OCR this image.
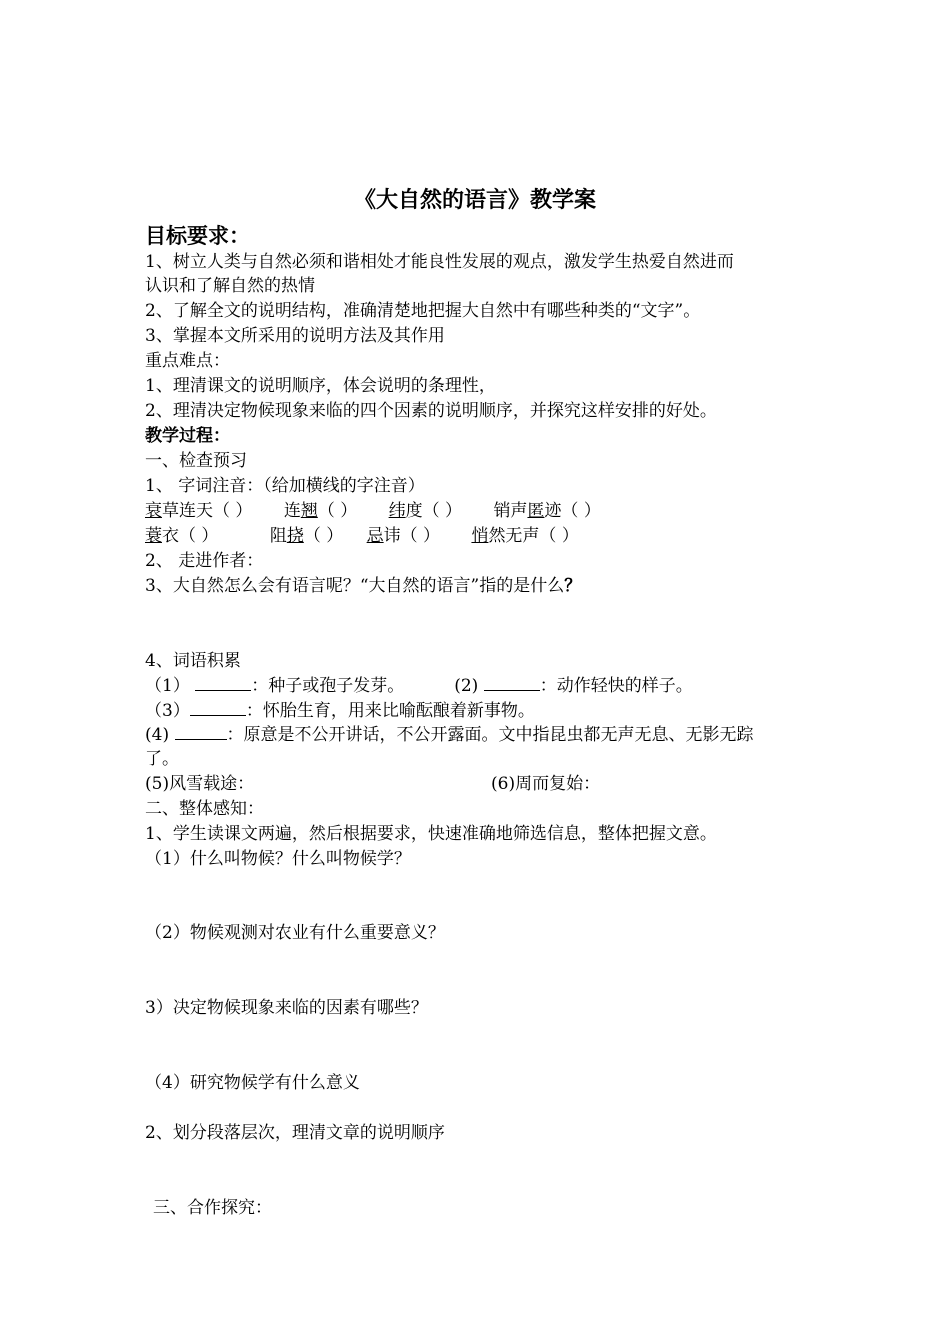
《大自然的语言》教学案
目标要求：
1、树立人类与自然必须和谐相处才能良性发展的观点，激发学生热爱自然进而
认识和了解自然的热情
2、了解全文的说明结构，准确清楚地把握大自然中有哪些种类的“文字”。
3、掌握本文所采用的说明方法及其作用
重点难点：
1、理清课文的说明顺序，体会说明的条理性，
2、理清决定物候现象来临的四个因素的说明顺序，并探究这样安排的好处。
教学过程：
一、检查预习
1、 字词注音：（给加横线的字注音）
衰草连天（ ） 连翘（ ） 纬度（ ） 销声匿迹（ ）
蓑衣（ ）	阻挠（ ） 忌讳（ ） 悄然无声（ ）
2、 走进作者：
3、大自然怎么会有语言呢？“大自然的语言”指的是什么？
4、词语积累
（1）	：种子或孢子发芽。	(2)	：动作轻快的样子。
（3）	：怀胎生育，用来比喻酝酿着新事物。
(4)	：原意是不公开讲话，不公开露面。文中指昆虫都无声无息、无影无踪
了。
(5)风雪载途：	(6)周而复始：
二、整体感知：
1、学生读课文两遍，然后根据要求，快速准确地筛选信息，整体把握文意。
（1）什么叫物候？什么叫物候学？
（2）物候观测对农业有什么重要意义？
3）决定物候现象来临的因素有哪些？
（4）研究物候学有什么意义
2、划分段落层次，理清文章的说明顺序
三、合作探究：
